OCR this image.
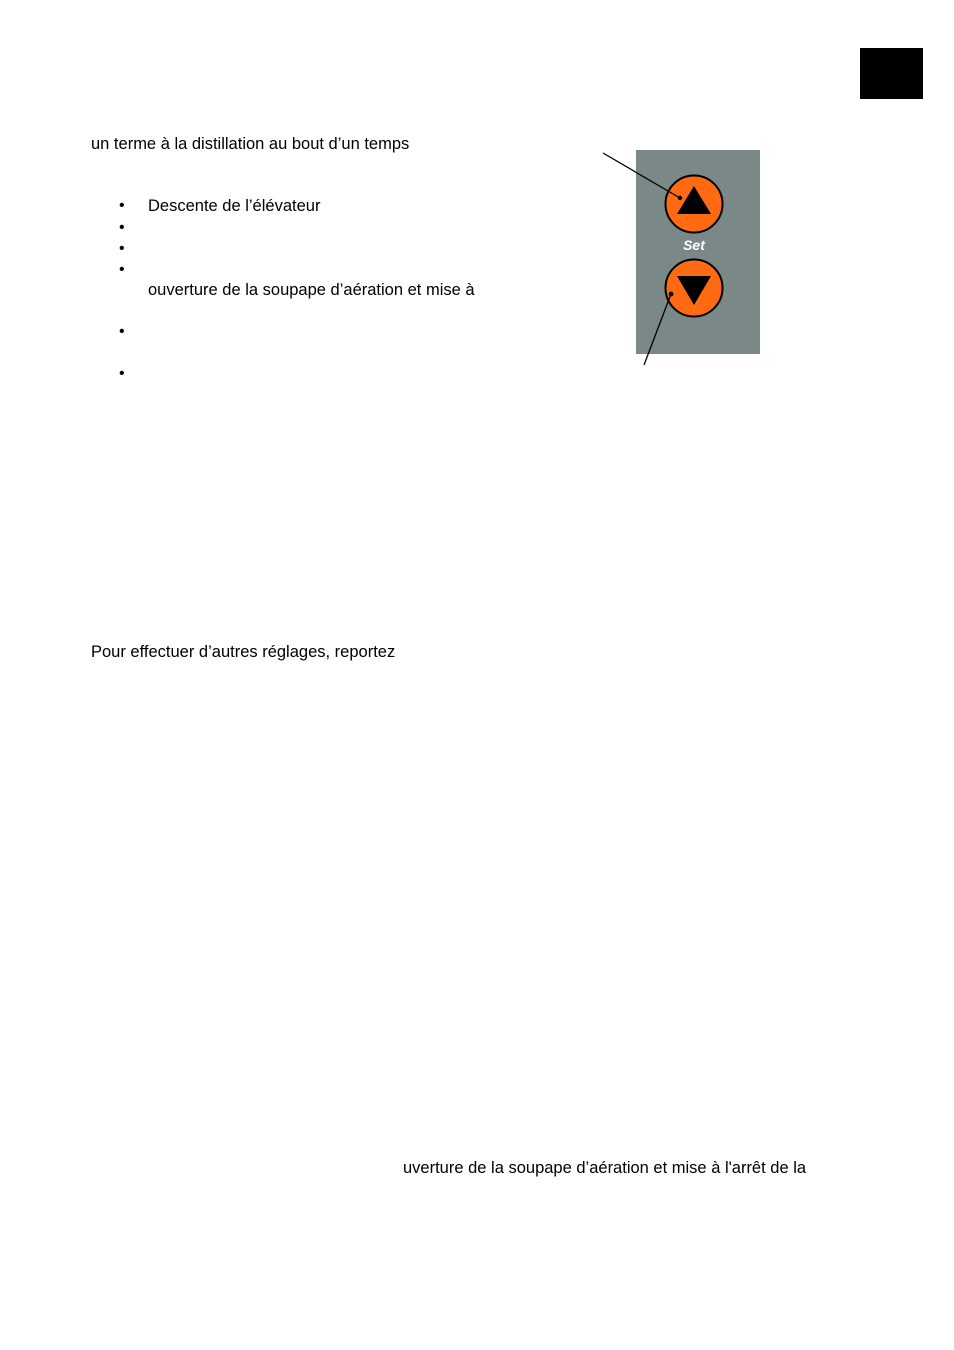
un terme à la distillation au bout d’un temps
• Descente de l’élévateur
•
•
•
ouverture de la soupape d’aération et mise à
•
•
Pour effectuer d’autres réglages, reportez
uverture de la soupape d’aération et mise à l'arrêt de la
Set
